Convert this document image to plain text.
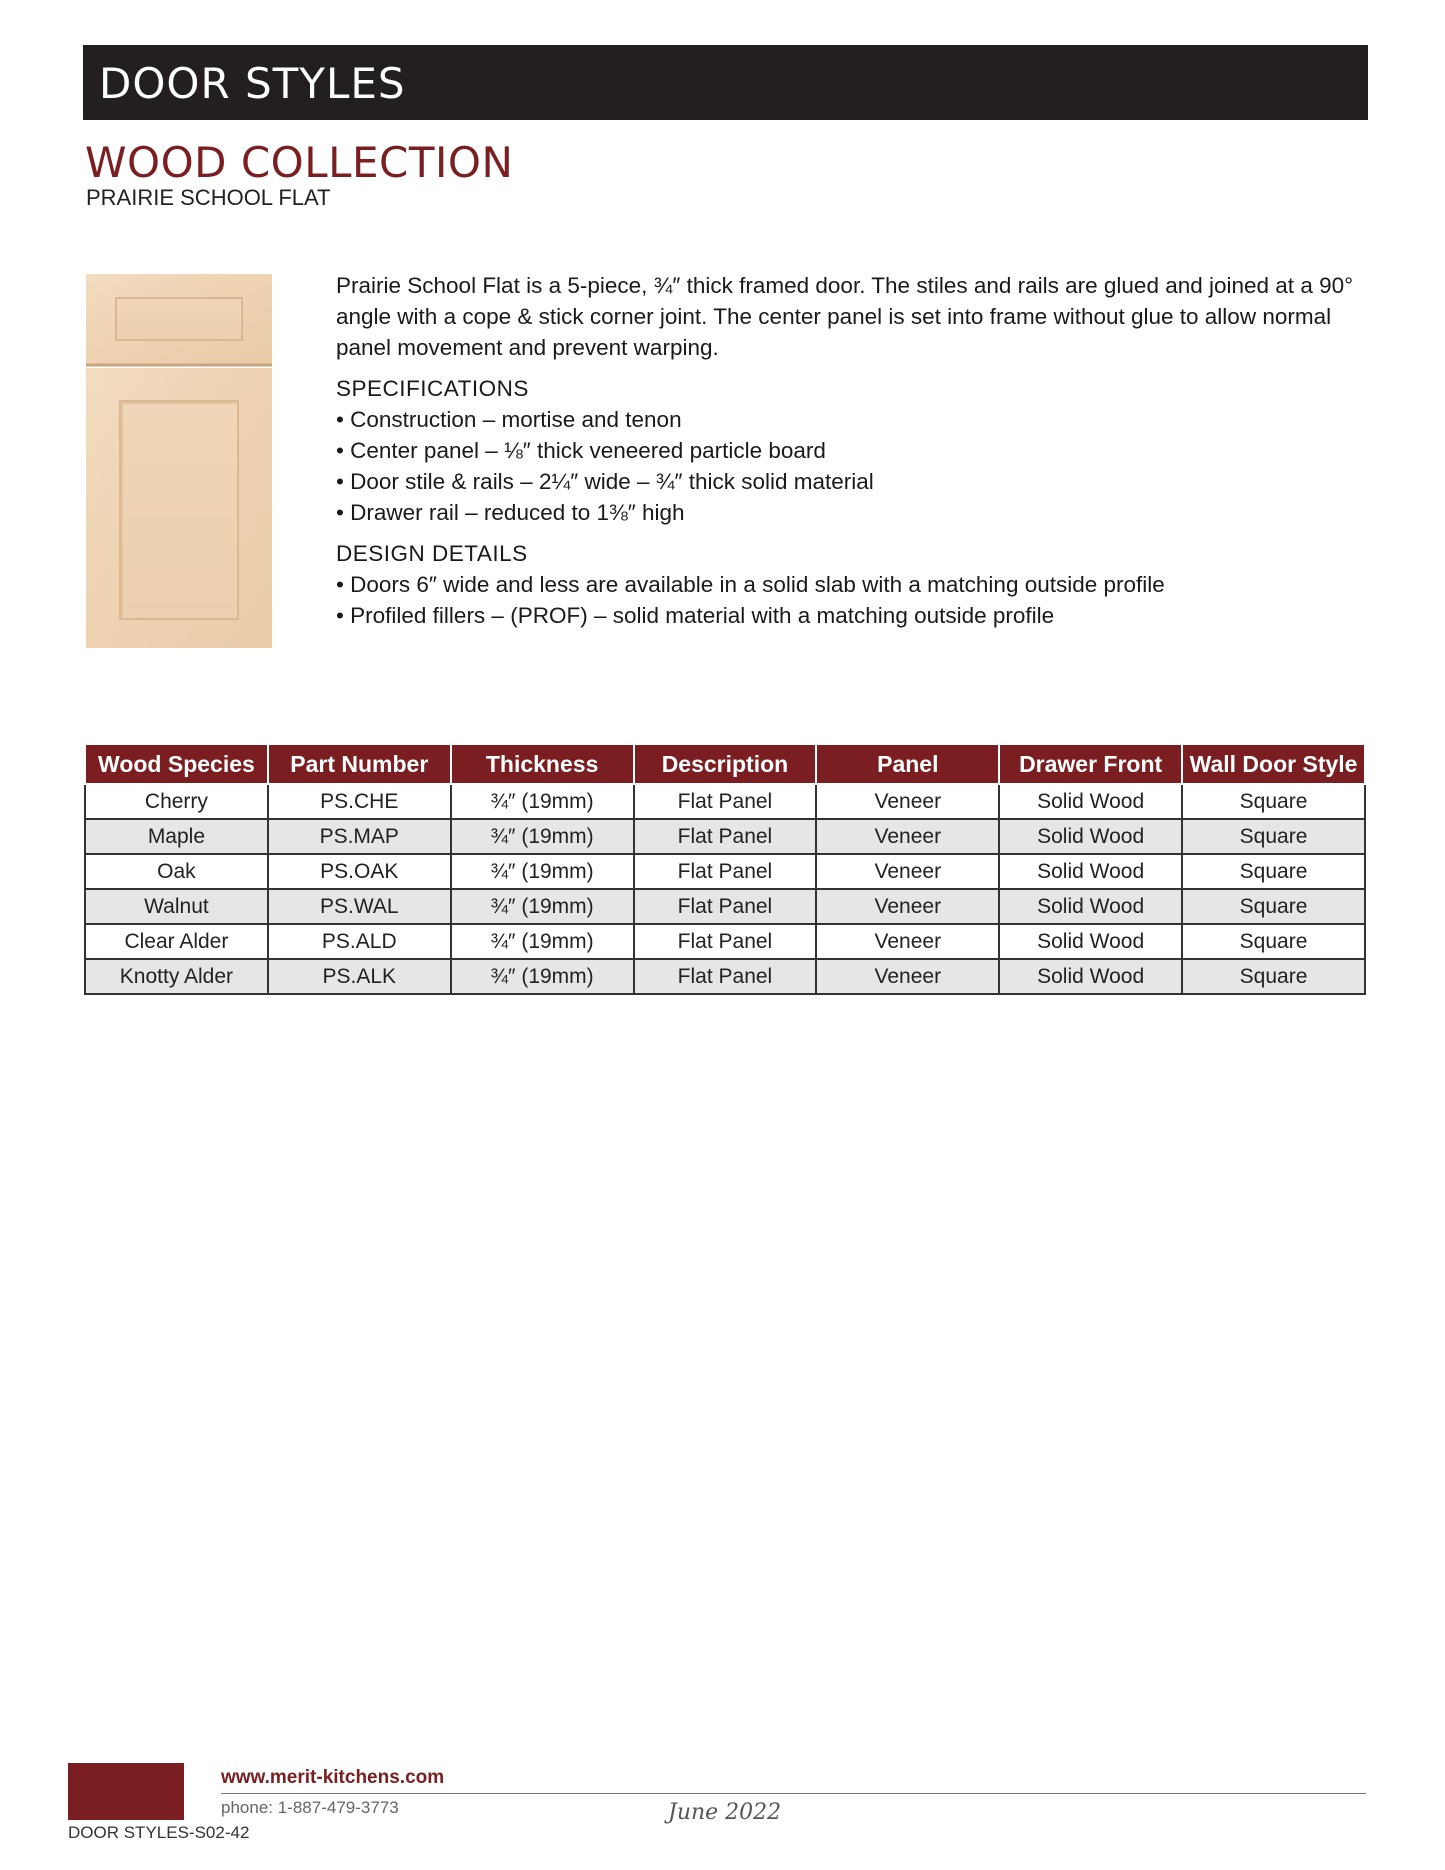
DOOR STYLES
WOOD COLLECTION
PRAIRIE SCHOOL FLAT

Prairie School Flat is a 5-piece, ¾″ thick framed door. The stiles and rails are glued and joined at a 90° angle with a cope & stick corner joint. The center panel is set into frame without glue to allow normal panel movement and prevent warping.

SPECIFICATIONS
• Construction – mortise and tenon
• Center panel – ⅛″ thick veneered particle board
• Door stile & rails – 2¼″ wide – ¾″ thick solid material
• Drawer rail – reduced to 1⅜″ high
DESIGN DETAILS
• Doors 6″ wide and less are available in a solid slab with a matching outside profile
• Profiled fillers – (PROF) – solid material with a matching outside profile
Wood Species	Part Number	Thickness	Description	Panel	Drawer Front	Wall Door Style
Cherry	PS.CHE	¾″ (19mm)	Flat Panel	Veneer	Solid Wood	Square
Maple	PS.MAP	¾″ (19mm)	Flat Panel	Veneer	Solid Wood	Square
Oak	PS.OAK	¾″ (19mm)	Flat Panel	Veneer	Solid Wood	Square
Walnut	PS.WAL	¾″ (19mm)	Flat Panel	Veneer	Solid Wood	Square
Clear Alder	PS.ALD	¾″ (19mm)	Flat Panel	Veneer	Solid Wood	Square
Knotty Alder	PS.ALK	¾″ (19mm)	Flat Panel	Veneer	Solid Wood	Square
DOOR STYLES-S02-42
www.merit-kitchens.com
phone: 1-887-479-3773	June 2022
